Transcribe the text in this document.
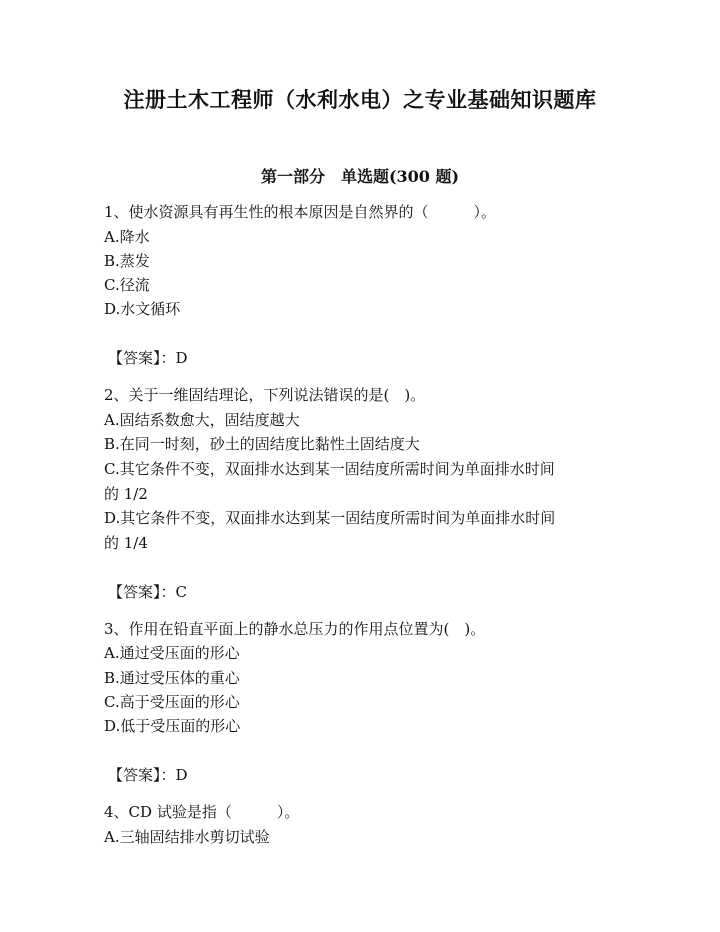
注册土木工程师（水利水电）之专业基础知识题库
第一部分　单选题(300 题)
1、使水资源具有再生性的根本原因是自然界的（　　　）。
A.降水
B.蒸发
C.径流
D.水文循环
【答案】：D
2、关于一维固结理论，下列说法错误的是(　)。
A.固结系数愈大，固结度越大
B.在同一时刻，砂土的固结度比黏性土固结度大
C.其它条件不变，双面排水达到某一固结度所需时间为单面排水时间
的 1/2
D.其它条件不变，双面排水达到某一固结度所需时间为单面排水时间
的 1/4
【答案】：C
3、作用在铅直平面上的静水总压力的作用点位置为(　)。
A.通过受压面的形心
B.通过受压体的重心
C.高于受压面的形心
D.低于受压面的形心
【答案】：D
4、CD 试验是指（　　　）。
A.三轴固结排水剪切试验
